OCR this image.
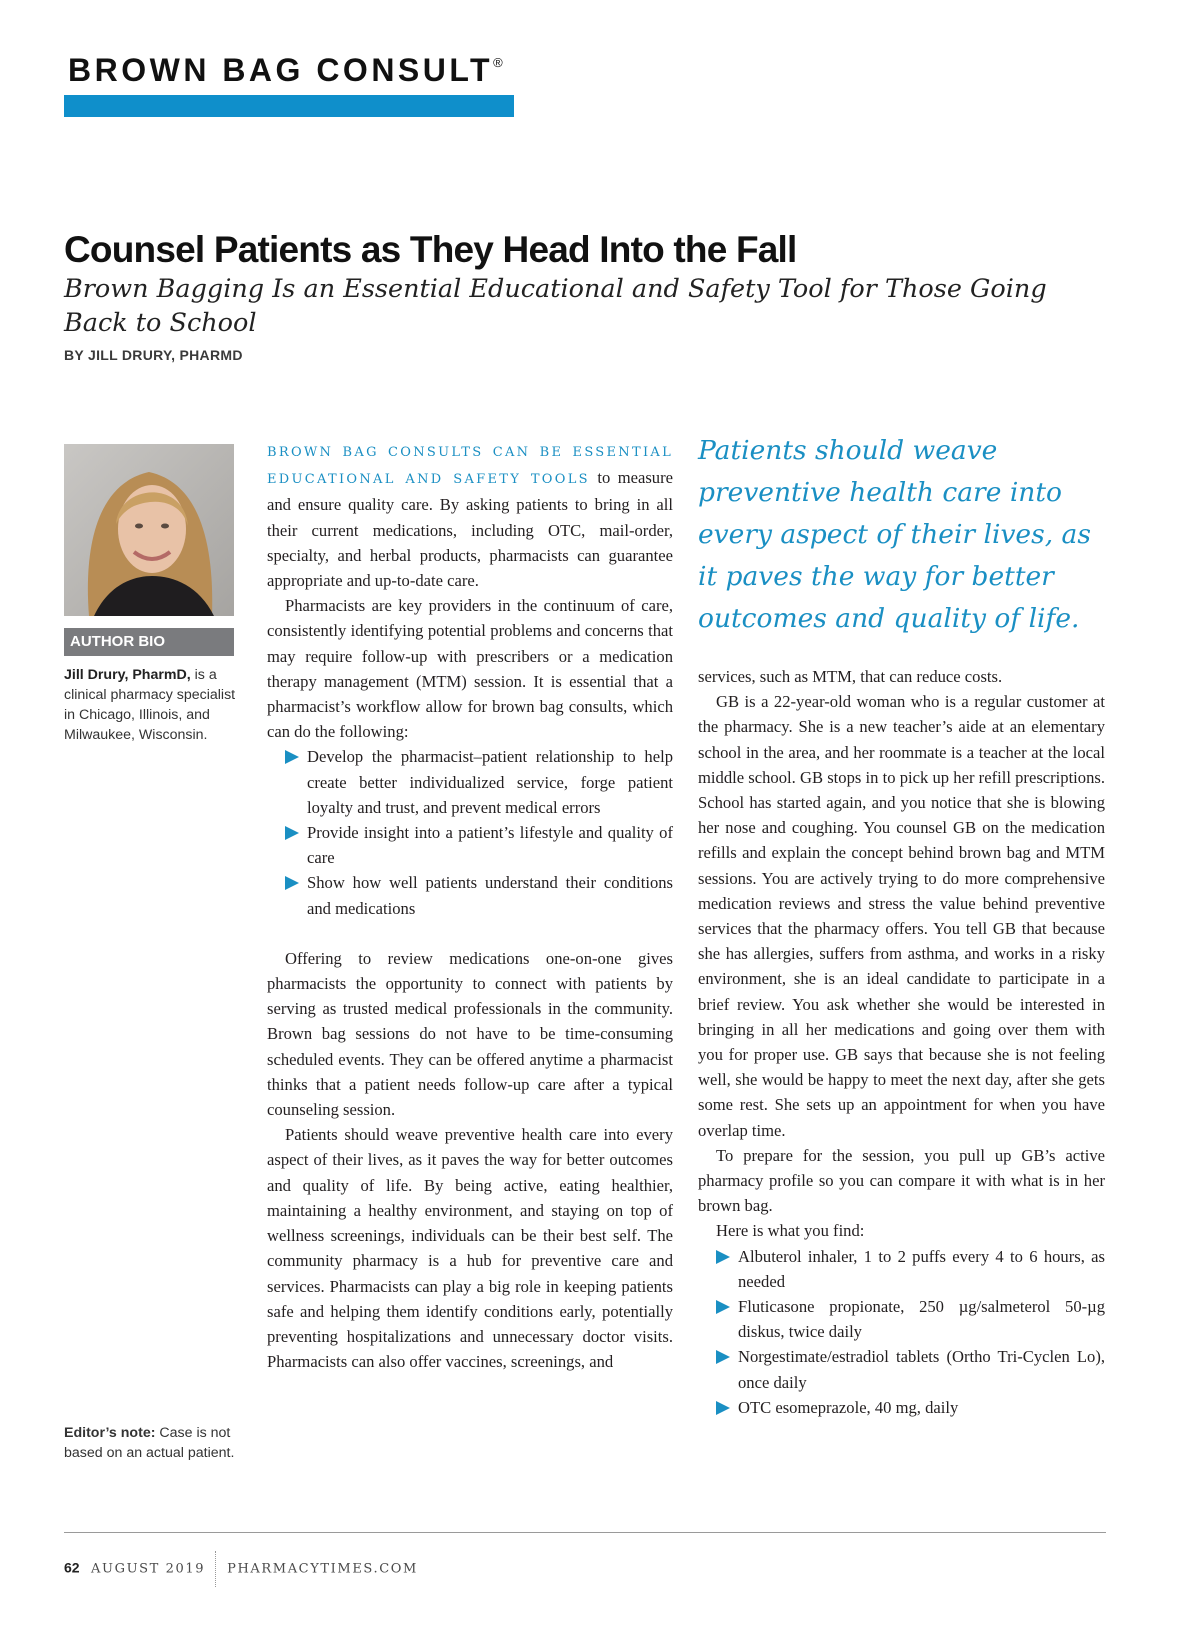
BROWN BAG CONSULT®
Counsel Patients as They Head Into the Fall

Brown Bagging Is an Essential Educational and Safety Tool for Those Going Back to School

BY JILL DRURY, PHARMD

AUTHOR BIO

Jill Drury, PharmD, is a clinical pharmacy specialist in Chicago, Illinois, and Milwaukee, Wisconsin.

Editor’s note: Case is not based on an actual patient.

BROWN BAG CONSULTS CAN BE ESSENTIAL EDUCATIONAL AND SAFETY TOOLS to measure and ensure quality care. By asking patients to bring in all their current medications, including OTC, mail-order, specialty, and herbal products, pharmacists can guarantee appropriate and up-to-date care.

Pharmacists are key providers in the continuum of care, consistently identifying potential problems and concerns that may require follow-up with prescribers or a medication therapy management (MTM) session. It is essential that a pharmacist’s workflow allow for brown bag consults, which can do the following:

Develop the pharmacist–patient relationship to help create better individualized service, forge patient loyalty and trust, and prevent medical errors
Provide insight into a patient’s lifestyle and quality of care
Show how well patients understand their conditions and medications

Offering to review medications one-on-one gives pharmacists the opportunity to connect with patients by serving as trusted medical professionals in the community. Brown bag sessions do not have to be time-consuming scheduled events. They can be offered anytime a pharmacist thinks that a patient needs follow-up care after a typical counseling session.

Patients should weave preventive health care into every aspect of their lives, as it paves the way for better outcomes and quality of life. By being active, eating healthier, maintaining a healthy environment, and staying on top of wellness screenings, individuals can be their best self. The community pharmacy is a hub for preventive care and services. Pharmacists can play a big role in keeping patients safe and helping them identify conditions early, potentially preventing hospitalizations and unnecessary doctor visits. Pharmacists can also offer vaccines, screenings, and

Patients should weave preventive health care into every aspect of their lives, as it paves the way for better outcomes and quality of life.

services, such as MTM, that can reduce costs.

GB is a 22-year-old woman who is a regular customer at the pharmacy. She is a new teacher’s aide at an elementary school in the area, and her roommate is a teacher at the local middle school. GB stops in to pick up her refill prescriptions. School has started again, and you notice that she is blowing her nose and coughing. You counsel GB on the medication refills and explain the concept behind brown bag and MTM sessions. You are actively trying to do more comprehensive medication reviews and stress the value behind preventive services that the pharmacy offers. You tell GB that because she has allergies, suffers from asthma, and works in a risky environment, she is an ideal candidate to participate in a brief review. You ask whether she would be interested in bringing in all her medications and going over them with you for proper use. GB says that because she is not feeling well, she would be happy to meet the next day, after she gets some rest. She sets up an appointment for when you have overlap time.

To prepare for the session, you pull up GB’s active pharmacy profile so you can compare it with what is in her brown bag.

Here is what you find:

Albuterol inhaler, 1 to 2 puffs every 4 to 6 hours, as needed
Fluticasone propionate, 250 µg/salmeterol 50-µg diskus, twice daily
Norgestimate/estradiol tablets (Ortho Tri-Cyclen Lo), once daily
OTC esomeprazole, 40 mg, daily

62 AUGUST 2019 PHARMACYTIMES.COM
